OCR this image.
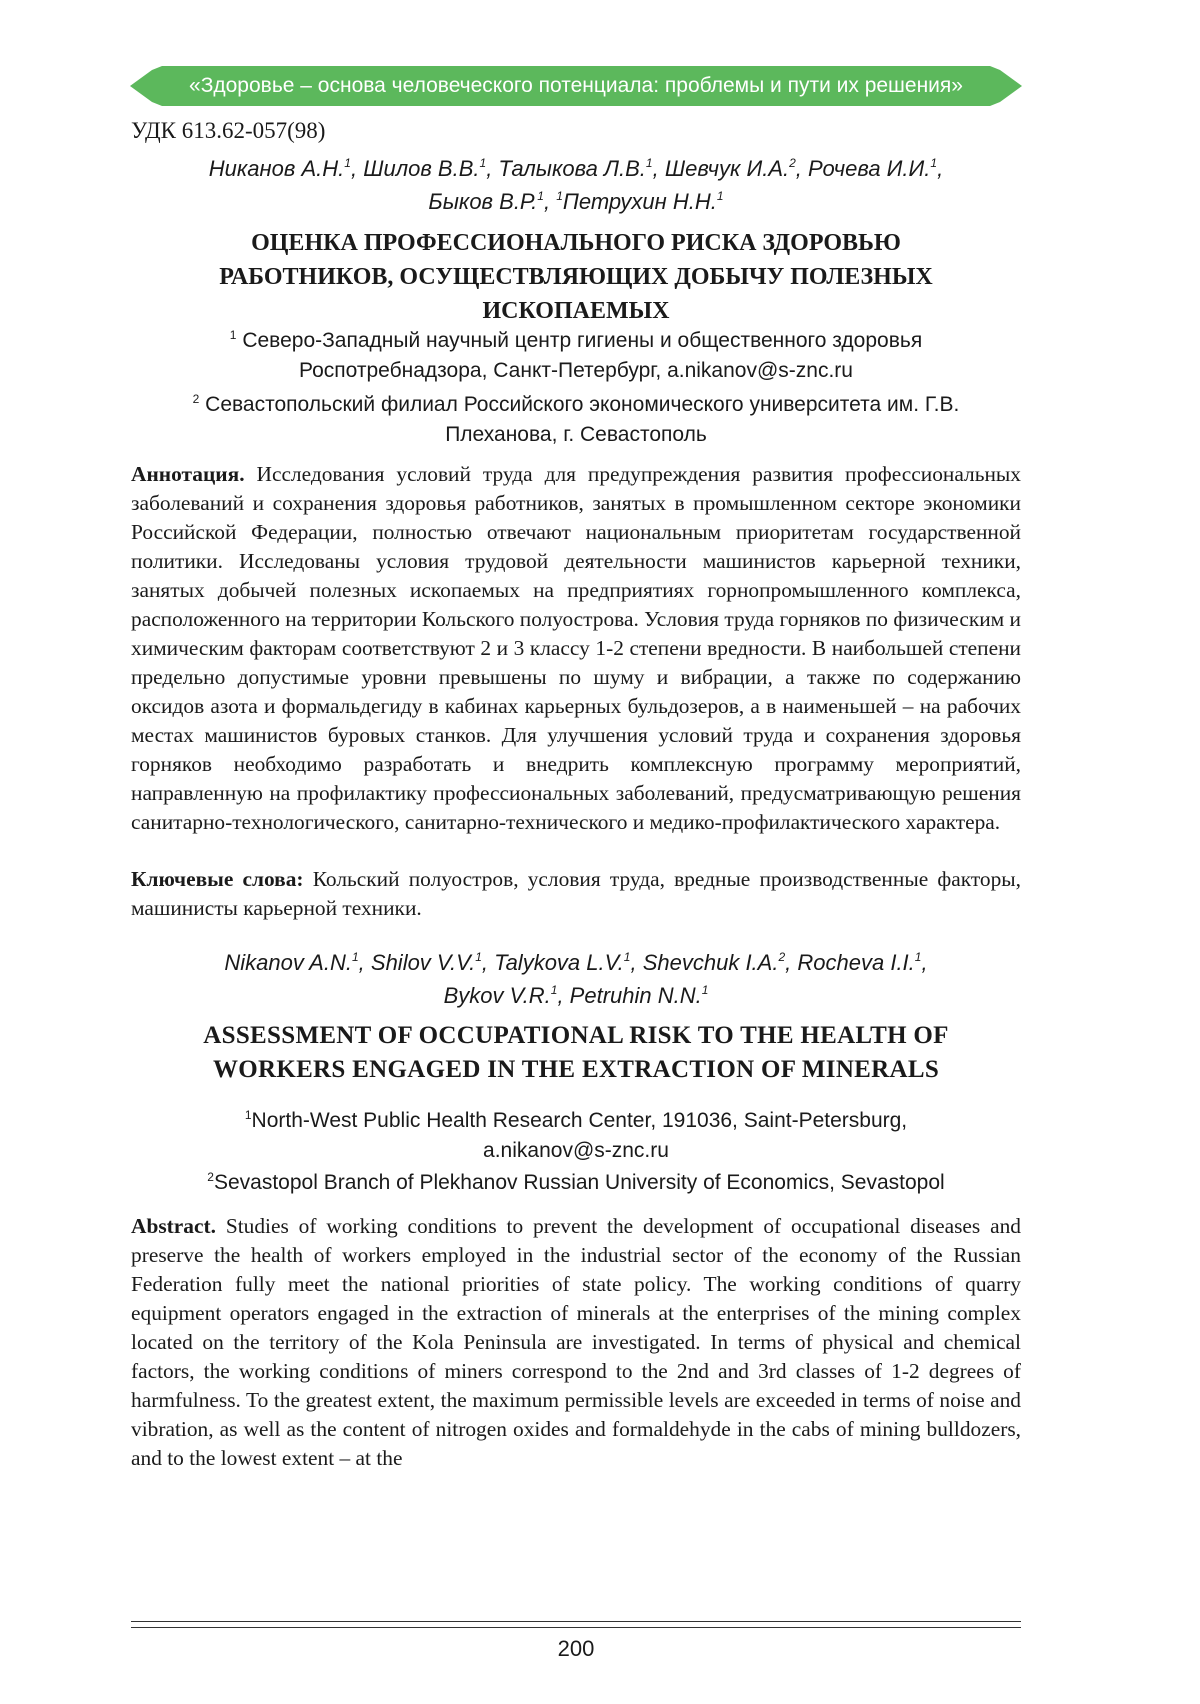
«Здоровье – основа человеческого потенциала: проблемы и пути их решения»
УДК 613.62-057(98)
Никанов А.Н.$^1$, Шилов В.В.$^1$, Талыкова Л.В.$^1$, Шевчук И.А.$^2$, Рочева И.И.$^1$,
Быков В.Р.$^1$, $^1$Петрухин Н.Н.$^1$
ОЦЕНКА ПРОФЕССИОНАЛЬНОГО РИСКА ЗДОРОВЬЮ
РАБОТНИКОВ, ОСУЩЕСТВЛЯЮЩИХ ДОБЫЧУ ПОЛЕЗНЫХ
ИСКОПАЕМЫХ
$^1$ Северо-Западный научный центр гигиены и общественного здоровья
Роспотребнадзора, Санкт-Петербург, a.nikanov@s-znc.ru
$^2$ Севастопольский филиал Российского экономического университета им. Г.В.
Плеханова, г. Севастополь
Аннотация. Исследования условий труда для предупреждения развития профессиональных заболеваний и сохранения здоровья работников, занятых в промышленном секторе экономики Российской Федерации, полностью отвечают национальным приоритетам государственной политики. Исследованы условия трудовой деятельности машинистов карьерной техники, занятых добычей полезных ископаемых на предприятиях горнопромышленного комплекса, расположенного на территории Кольского полуострова. Условия труда горняков по физическим и химическим факторам соответствуют 2 и 3 классу 1-2 степени вредности. В наибольшей степени предельно допустимые уровни превышены по шуму и вибрации, а также по содержанию оксидов азота и формальдегиду в кабинах карьерных бульдозеров, а в наименьшей – на рабочих местах машинистов буровых станков. Для улучшения условий труда и сохранения здоровья горняков необходимо разработать и внедрить комплексную программу мероприятий, направленную на профилактику профессиональных заболеваний, предусматривающую решения санитарно-технологического, санитарно-технического и медико-профилактического характера.
Ключевые слова: Кольский полуостров, условия труда, вредные производственные факторы, машинисты карьерной техники.
Nikanov A.N.$^1$, Shilov V.V.$^1$, Talykova L.V.$^1$, Shevchuk I.A.$^2$, Rocheva I.I.$^1$,
Bykov V.R.$^1$, Petruhin N.N.$^1$
ASSESSMENT OF OCCUPATIONAL RISK TO THE HEALTH OF
WORKERS ENGAGED IN THE EXTRACTION OF MINERALS
$^1$North-West Public Health Research Center, 191036, Saint-Petersburg,
a.nikanov@s-znc.ru
$^2$Sevastopol Branch of Plekhanov Russian University of Economics, Sevastopol
Abstract. Studies of working conditions to prevent the development of occupational diseases and preserve the health of workers employed in the industrial sector of the economy of the Russian Federation fully meet the national priorities of state policy. The working conditions of quarry equipment operators engaged in the extraction of minerals at the enterprises of the mining complex located on the territory of the Kola Peninsula are investigated. In terms of physical and chemical factors, the working conditions of miners correspond to the 2nd and 3rd classes of 1-2 degrees of harmfulness. To the greatest extent, the maximum permissible levels are exceeded in terms of noise and vibration, as well as the content of nitrogen oxides and formaldehyde in the cabs of mining bulldozers, and to the lowest extent – at the
200
